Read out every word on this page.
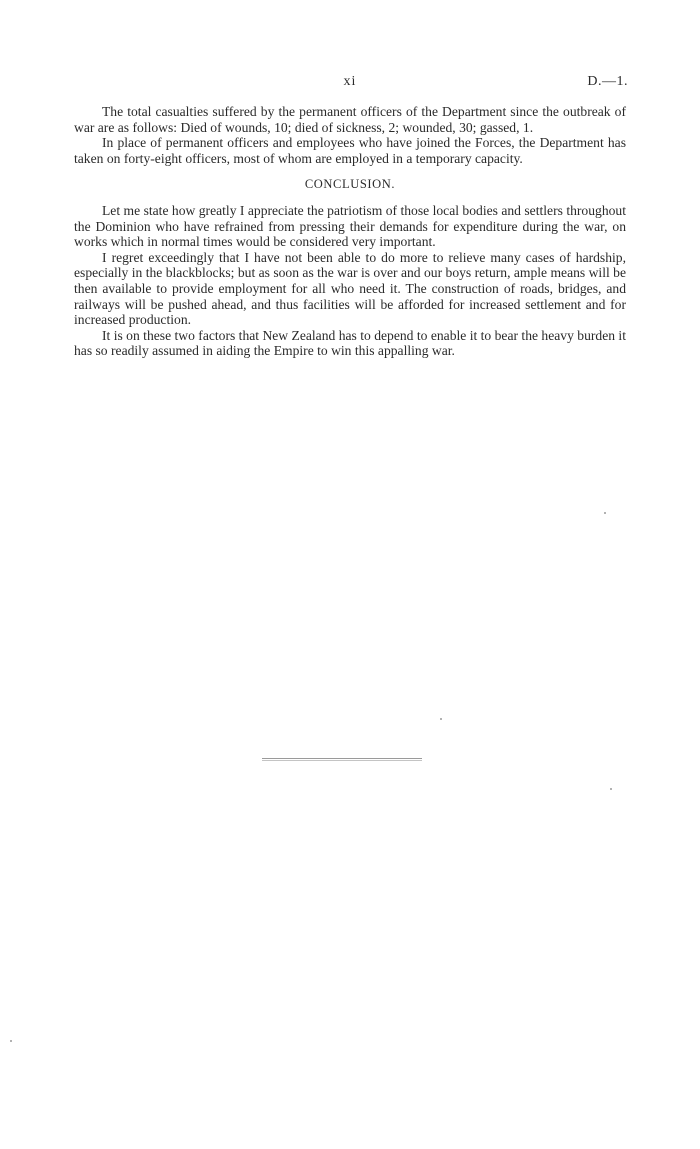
xi	D.—1.

The total casualties suffered by the permanent officers of the Department since the outbreak of war are as follows: Died of wounds, 10; died of sickness, 2; wounded, 30; gassed, 1.

In place of permanent officers and employees who have joined the Forces, the Department has taken on forty-eight officers, most of whom are employed in a temporary capacity.

CONCLUSION.

Let me state how greatly I appreciate the patriotism of those local bodies and settlers throughout the Dominion who have refrained from pressing their demands for expenditure during the war, on works which in normal times would be considered very important.

I regret exceedingly that I have not been able to do more to relieve many cases of hardship, especially in the blackblocks; but as soon as the war is over and our boys return, ample means will be then available to provide employment for all who need it. The construction of roads, bridges, and railways will be pushed ahead, and thus facilities will be afforded for increased settlement and for increased production.

It is on these two factors that New Zealand has to depend to enable it to bear the heavy burden it has so readily assumed in aiding the Empire to win this appalling war.
